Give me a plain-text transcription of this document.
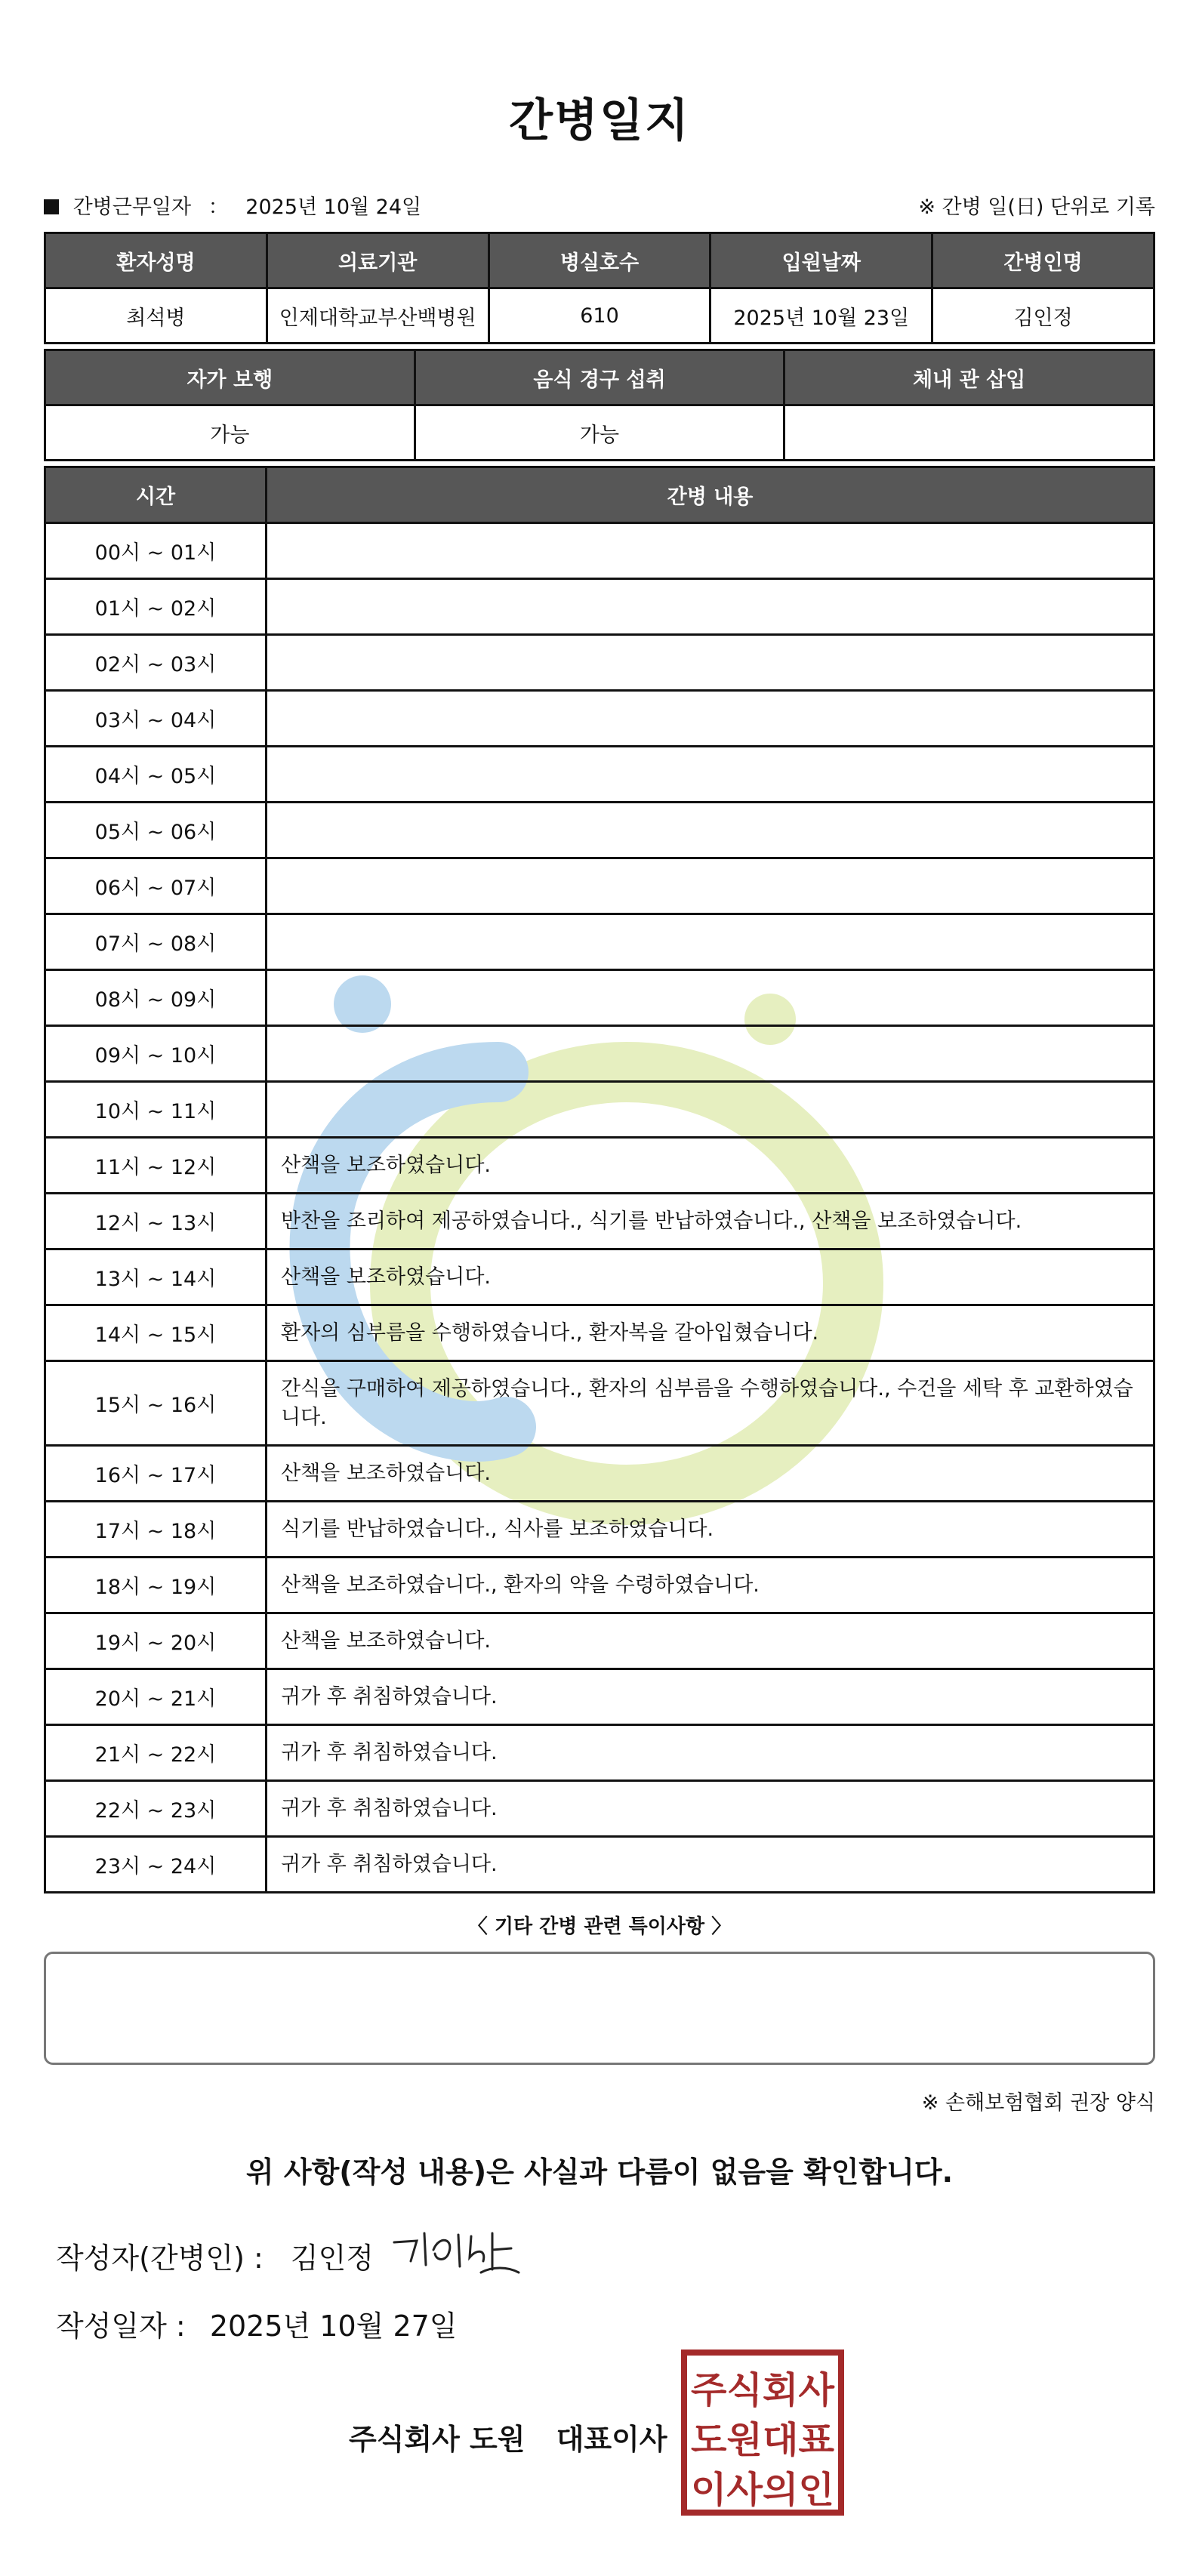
간병일지
간병근무일자 ： 2025년 10월 24일	※ 간병 일(日) 단위로 기록
환자성명	의료기관	병실호수	입원날짜	간병인명
최석병	인제대학교부산백병원	610	2025년 10월 23일	김인정
자가 보행	음식 경구 섭취	체내 관 삽입
가능	가능	
시간	간병 내용
00시 ~ 01시	
01시 ~ 02시	
02시 ~ 03시	
03시 ~ 04시	
04시 ~ 05시	
05시 ~ 06시	
06시 ~ 07시	
07시 ~ 08시	
08시 ~ 09시	
09시 ~ 10시	
10시 ~ 11시	
11시 ~ 12시	산책을 보조하였습니다.
12시 ~ 13시	반찬을 조리하여 제공하였습니다., 식기를 반납하였습니다., 산책을 보조하였습니다.
13시 ~ 14시	산책을 보조하였습니다.
14시 ~ 15시	환자의 심부름을 수행하였습니다., 환자복을 갈아입혔습니다.
15시 ~ 16시	간식을 구매하여 제공하였습니다., 환자의 심부름을 수행하였습니다., 수건을 세탁 후 교환하였습니다.
16시 ~ 17시	산책을 보조하였습니다.
17시 ~ 18시	식기를 반납하였습니다., 식사를 보조하였습니다.
18시 ~ 19시	산책을 보조하였습니다., 환자의 약을 수령하였습니다.
19시 ~ 20시	산책을 보조하였습니다.
20시 ~ 21시	귀가 후 취침하였습니다.
21시 ~ 22시	귀가 후 취침하였습니다.
22시 ~ 23시	귀가 후 취침하였습니다.
23시 ~ 24시	귀가 후 취침하였습니다.
〈 기타 간병 관련 특이사항 〉
※ 손해보험협회 권장 양식
위 사항(작성 내용)은 사실과 다름이 없음을 확인합니다.
작성자(간병인) : 김인정
작성일자 : 2025년 10월 27일
주식회사 도원 대표이사
주식회사
도원대표
이사의인
